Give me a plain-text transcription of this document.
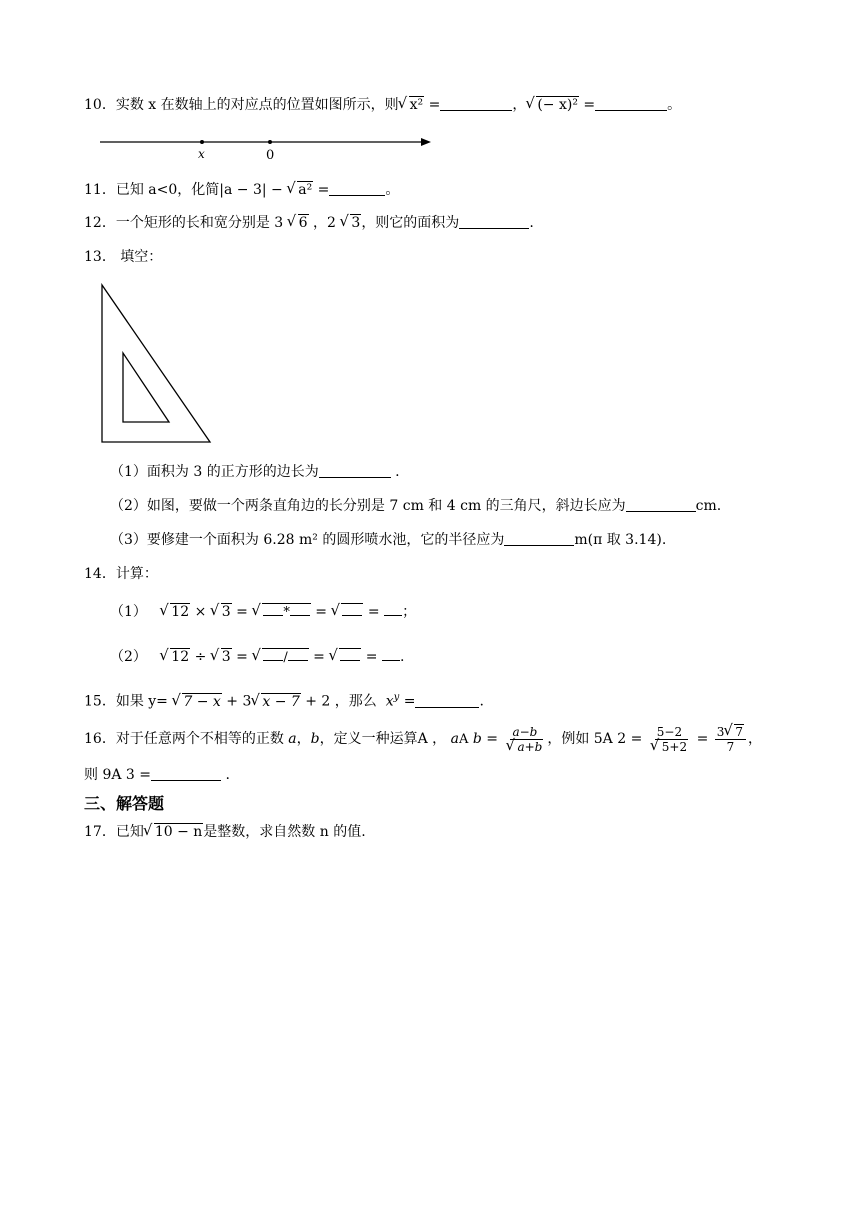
10．实数 x 在数轴上的对应点的位置如图所示，则 √ x² =	， √ (− x)² =	。
x	0
11．已知 a<0，化简|a − 3| − √ a² =	。
12．一个矩形的长和宽分别是 3 √ 6 ，2 √ 3，则它的面积为	.
13． 填空：
（1）面积为 3 的正方形的边长为	.
（2）如图，要做一个两条直角边的长分别是 7 cm 和 4 cm 的三角尺，斜边长应为	cm.
（3）要修建一个面积为 6.28 m² 的圆形喷水池，它的半径应为	m(π 取 3.14).
14．计算：
（1） √ 12 × √ 3 =	√ * = √	= ；
（2） √ 12 ÷ √ 3 =	√ / = √	= .
15．如果 y= √ 7 − x + 3 √ x − 7 + 2 ，那么 $x^y$ =	.
16．对于任意两个不相等的正数 a，b，定义一种运算A ， aA b = a−b
√ a+b ，例如 5A 2 = 5−2
√ $5+2 = \frac{3 √ 7}{7}$ ，
则 9A 3 =	.
三、解答题
17．已知 √ 10 − n是整数，求自然数 n 的值.
